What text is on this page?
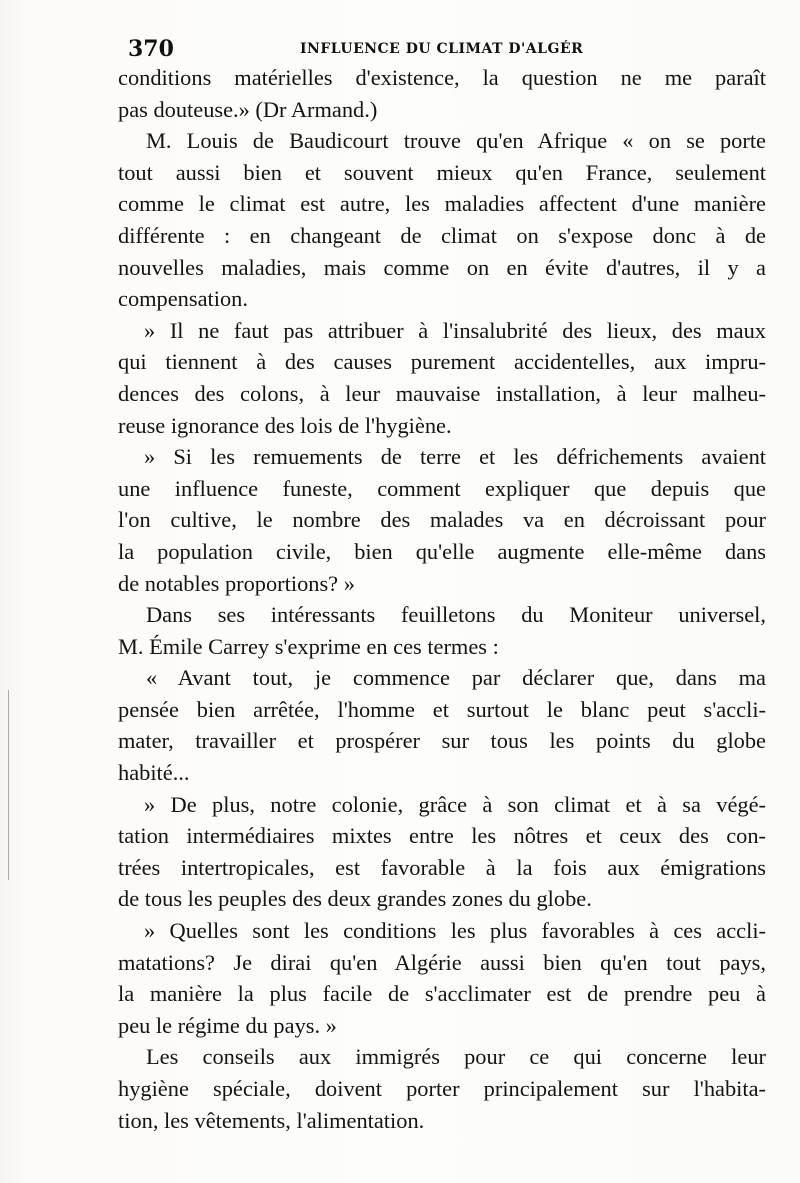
370	INFLUENCE DU CLIMAT D'ALGÉR
conditions matérielles d'existence, la question ne me paraît
pas douteuse.» (Dr Armand.)
M. Louis de Baudicourt trouve qu'en Afrique « on se porte
tout aussi bien et souvent mieux qu'en France, seulement
comme le climat est autre, les maladies affectent d'une manière
différente : en changeant de climat on s'expose donc à de
nouvelles maladies, mais comme on en évite d'autres, il y a
compensation.
» Il ne faut pas attribuer à l'insalubrité des lieux, des maux
qui tiennent à des causes purement accidentelles, aux impru-
dences des colons, à leur mauvaise installation, à leur malheu-
reuse ignorance des lois de l'hygiène.
» Si les remuements de terre et les défrichements avaient
une influence funeste, comment expliquer que depuis que
l'on cultive, le nombre des malades va en décroissant pour
la population civile, bien qu'elle augmente elle-même dans
de notables proportions? »
Dans ses intéressants feuilletons du Moniteur universel,
M. Émile Carrey s'exprime en ces termes :
« Avant tout, je commence par déclarer que, dans ma
pensée bien arrêtée, l'homme et surtout le blanc peut s'accli-
mater, travailler et prospérer sur tous les points du globe
habité...
» De plus, notre colonie, grâce à son climat et à sa végé-
tation intermédiaires mixtes entre les nôtres et ceux des con-
trées intertropicales, est favorable à la fois aux émigrations
de tous les peuples des deux grandes zones du globe.
» Quelles sont les conditions les plus favorables à ces accli-
matations? Je dirai qu'en Algérie aussi bien qu'en tout pays,
la manière la plus facile de s'acclimater est de prendre peu à
peu le régime du pays. »
Les conseils aux immigrés pour ce qui concerne leur
hygiène spéciale, doivent porter principalement sur l'habita-
tion, les vêtements, l'alimentation.
